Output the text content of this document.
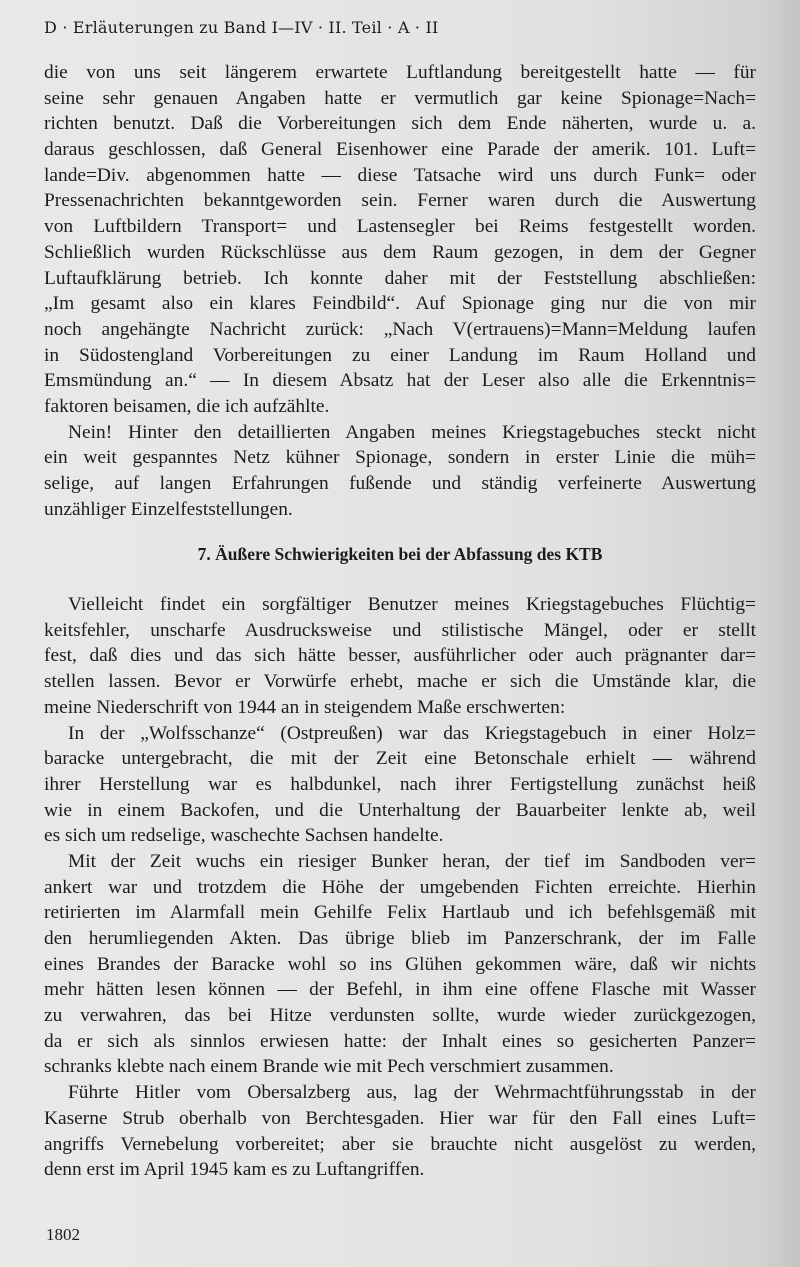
D · Erläuterungen zu Band I—IV · II. Teil · A · II
die von uns seit längerem erwartete Luftlandung bereitgestellt hatte — für
seine sehr genauen Angaben hatte er vermutlich gar keine Spionage=Nach=
richten benutzt. Daß die Vorbereitungen sich dem Ende näherten, wurde u. a.
daraus geschlossen, daß General Eisenhower eine Parade der amerik. 101. Luft=
lande=Div. abgenommen hatte — diese Tatsache wird uns durch Funk= oder
Pressenachrichten bekanntgeworden sein. Ferner waren durch die Auswertung
von Luftbildern Transport= und Lastensegler bei Reims festgestellt worden.
Schließlich wurden Rückschlüsse aus dem Raum gezogen, in dem der Gegner
Luftaufklärung betrieb. Ich konnte daher mit der Feststellung abschließen:
„Im gesamt also ein klares Feindbild“. Auf Spionage ging nur die von mir
noch angehängte Nachricht zurück: „Nach V(ertrauens)=Mann=Meldung laufen
in Südostengland Vorbereitungen zu einer Landung im Raum Holland und
Emsmündung an.“ — In diesem Absatz hat der Leser also alle die Erkenntnis=
faktoren beisamen, die ich aufzählte.
Nein! Hinter den detaillierten Angaben meines Kriegstagebuches steckt nicht
ein weit gespanntes Netz kühner Spionage, sondern in erster Linie die müh=
selige, auf langen Erfahrungen fußende und ständig verfeinerte Auswertung
unzähliger Einzelfeststellungen.
7. Äußere Schwierigkeiten bei der Abfassung des KTB
Vielleicht findet ein sorgfältiger Benutzer meines Kriegstagebuches Flüchtig=
keitsfehler, unscharfe Ausdrucksweise und stilistische Mängel, oder er stellt
fest, daß dies und das sich hätte besser, ausführlicher oder auch prägnanter dar=
stellen lassen. Bevor er Vorwürfe erhebt, mache er sich die Umstände klar, die
meine Niederschrift von 1944 an in steigendem Maße erschwerten:
In der „Wolfsschanze“ (Ostpreußen) war das Kriegstagebuch in einer Holz=
baracke untergebracht, die mit der Zeit eine Betonschale erhielt — während
ihrer Herstellung war es halbdunkel, nach ihrer Fertigstellung zunächst heiß
wie in einem Backofen, und die Unterhaltung der Bauarbeiter lenkte ab, weil
es sich um redselige, waschechte Sachsen handelte.
Mit der Zeit wuchs ein riesiger Bunker heran, der tief im Sandboden ver=
ankert war und trotzdem die Höhe der umgebenden Fichten erreichte. Hierhin
retirierten im Alarmfall mein Gehilfe Felix Hartlaub und ich befehlsgemäß mit
den herumliegenden Akten. Das übrige blieb im Panzerschrank, der im Falle
eines Brandes der Baracke wohl so ins Glühen gekommen wäre, daß wir nichts
mehr hätten lesen können — der Befehl, in ihm eine offene Flasche mit Wasser
zu verwahren, das bei Hitze verdunsten sollte, wurde wieder zurückgezogen,
da er sich als sinnlos erwiesen hatte: der Inhalt eines so gesicherten Panzer=
schranks klebte nach einem Brande wie mit Pech verschmiert zusammen.
Führte Hitler vom Obersalzberg aus, lag der Wehrmachtführungsstab in der
Kaserne Strub oberhalb von Berchtesgaden. Hier war für den Fall eines Luft=
angriffs Vernebelung vorbereitet; aber sie brauchte nicht ausgelöst zu werden,
denn erst im April 1945 kam es zu Luftangriffen.
1802
